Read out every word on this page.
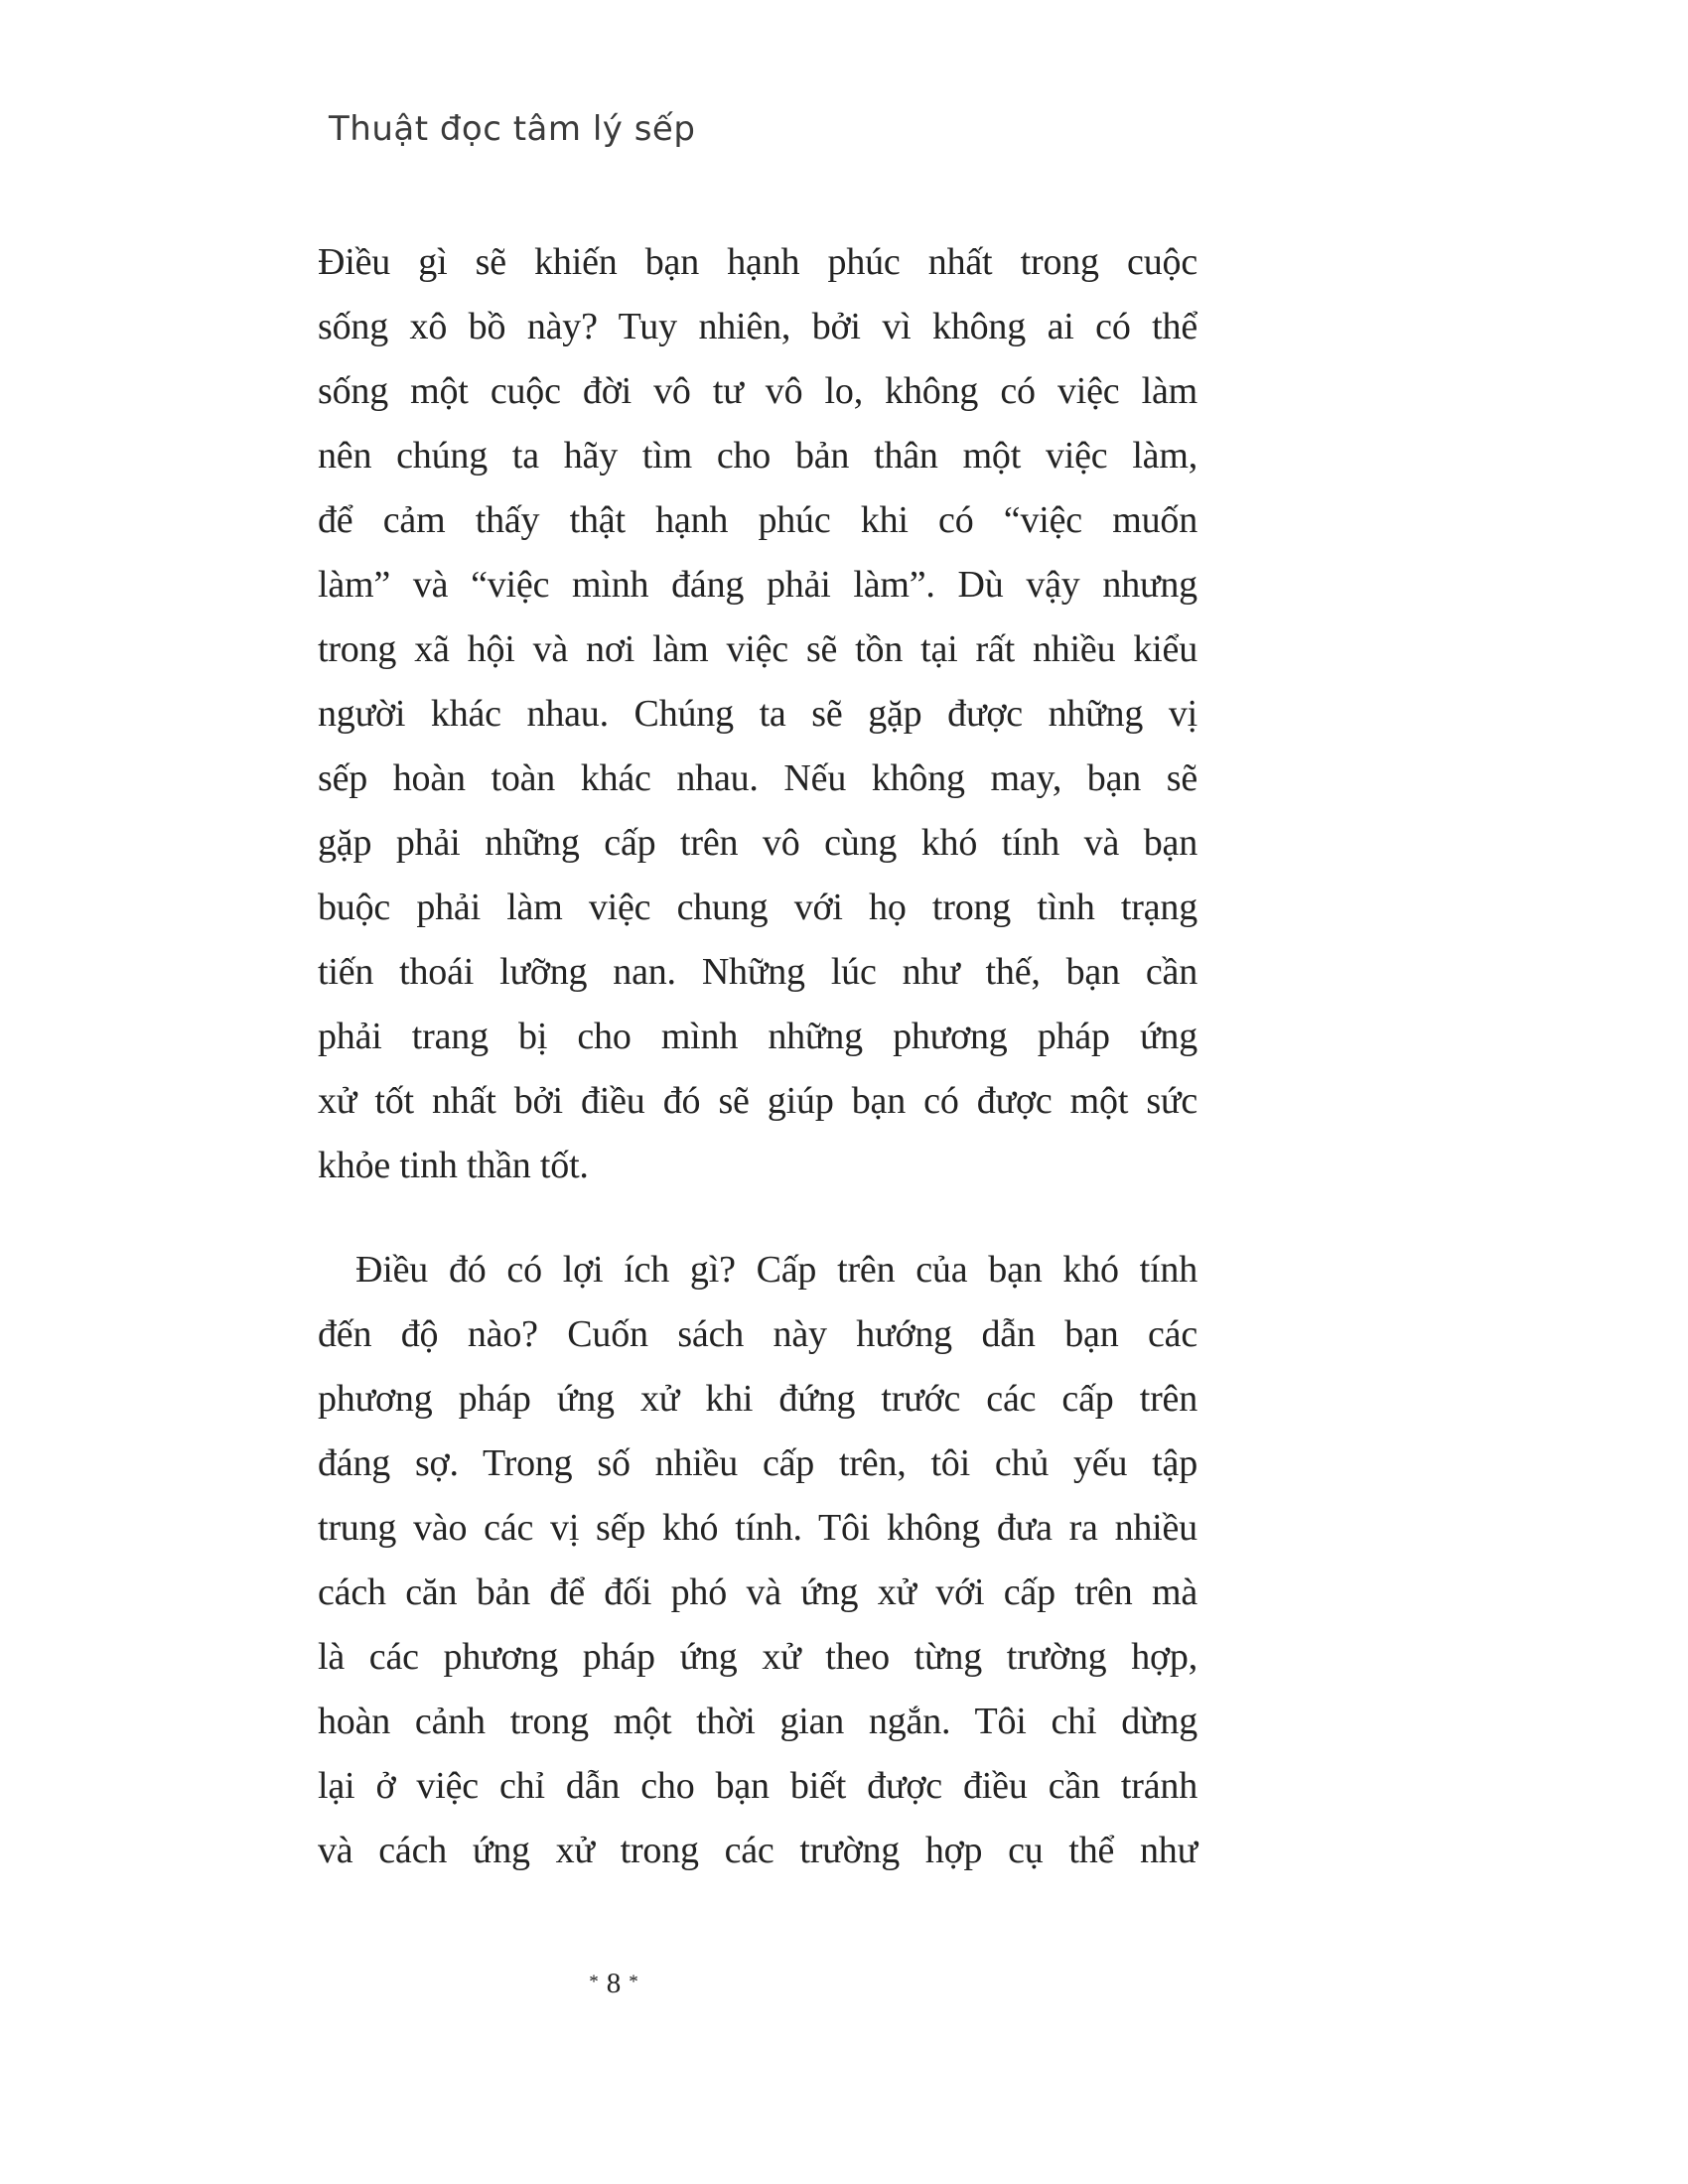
Thuật đọc tâm lý sếp
Điều gì sẽ khiến bạn hạnh phúc nhất trong cuộc
sống xô bồ này? Tuy nhiên, bởi vì không ai có thể
sống một cuộc đời vô tư vô lo, không có việc làm
nên chúng ta hãy tìm cho bản thân một việc làm,
để cảm thấy thật hạnh phúc khi có “việc muốn
làm” và “việc mình đáng phải làm”. Dù vậy nhưng
trong xã hội và nơi làm việc sẽ tồn tại rất nhiều kiểu
người khác nhau. Chúng ta sẽ gặp được những vị
sếp hoàn toàn khác nhau. Nếu không may, bạn sẽ
gặp phải những cấp trên vô cùng khó tính và bạn
buộc phải làm việc chung với họ trong tình trạng
tiến thoái lưỡng nan. Những lúc như thế, bạn cần
phải trang bị cho mình những phương pháp ứng
xử tốt nhất bởi điều đó sẽ giúp bạn có được một sức
khỏe tinh thần tốt.
Điều đó có lợi ích gì? Cấp trên của bạn khó tính
đến độ nào? Cuốn sách này hướng dẫn bạn các
phương pháp ứng xử khi đứng trước các cấp trên
đáng sợ. Trong số nhiều cấp trên, tôi chủ yếu tập
trung vào các vị sếp khó tính. Tôi không đưa ra nhiều
cách căn bản để đối phó và ứng xử với cấp trên mà
là các phương pháp ứng xử theo từng trường hợp,
hoàn cảnh trong một thời gian ngắn. Tôi chỉ dừng
lại ở việc chỉ dẫn cho bạn biết được điều cần tránh
và cách ứng xử trong các trường hợp cụ thể như
* 8 *
